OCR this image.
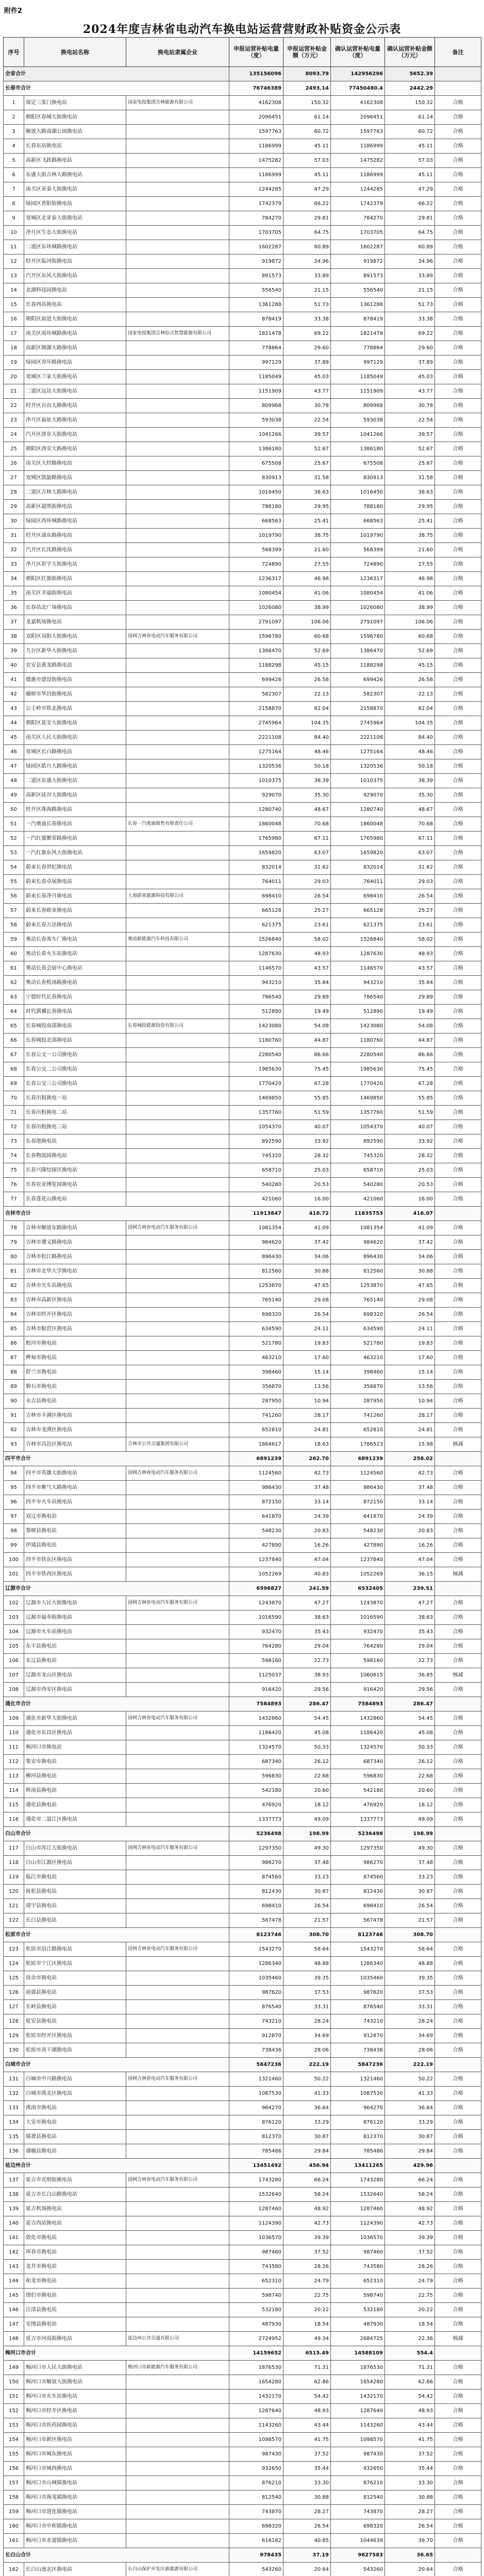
附件2
2024年度吉林省电动汽车换电站运营营财政补贴资金公示表
序号	换电站名称	换电站隶属企业	申报运营补贴电量（度）	申报运营补贴金额（万元）	确认运营补贴电量（度）	确认运营补贴金额（万元）	备注
全省合计			135156096	8093.79	142956296	5652.39	
长春市合计			76746389	2493.14	77450480.4	2442.29	
1	保定三张门换电站	国家电投集团吉林能源有限公司	4162308	150.32	4162308	150.32	合格
2	朝阳区春城大街换电站		2096451	61.14	2096451	61.14	合格
3	解放大路南湖公园换电站		1597763	60.72	1597763	60.72	合格
4	长春东站换电站		1186999	45.11	1186999	45.11	合格
5	高新区飞跃路换电站		1475282	57.03	1475282	57.03	合格
6	东盛大街吉林大路换电站		1186999	45.11	1186999	45.11	合格
7	南关区亚泰大街换电站		1244285	47.29	1244285	47.29	合格
8	绿园区普阳街换电站		1742379	66.22	1742379	66.22	合格
9	宽城区北亚泰大街换电站		784270	29.81	784270	29.81	合格
10	净月区生态大街换电站		1703705	64.75	1703705	64.75	合格
11	二道区东环城路换电站		1602287	60.89	1602287	60.89	合格
12	经开区临河街换电站		919872	34.96	919872	34.96	合格
13	汽开区东风大街换电站		891573	33.89	891573	33.89	合格
14	北湖科技园换电站		556540	21.15	556540	21.15	合格
15	长春西站换电站		1361288	51.73	1361288	51.73	合格
16	朝阳区前进大街换电站		878419	33.38	878419	33.38	合格
17	南关区南环城路换电站	国家电投集团吉林综合智慧能源有限公司	1821478	69.22	1821478	69.22	合格
18	高新区锦湖大路换电站		778864	29.60	778864	29.60	合格
19	绿园区青年路换电站		997129	37.89	997129	37.89	合格
20	宽城区兰家大街换电站		1185049	45.03	1185049	45.03	合格
21	二道区远达大街换电站		1151909	43.77	1151909	43.77	合格
22	经开区自由大路换电站		809968	30.78	809968	30.78	合格
23	净月区福祉大路换电站		593038	22.54	593038	22.54	合格
24	汽开区创业大街换电站		1041266	39.57	1041266	39.57	合格
25	朝阳区西安大路换电站		1386180	52.67	1386180	52.67	合格
26	南关区大经路换电站		675508	25.67	675508	25.67	合格
27	宽城区凯旋路换电站		830913	31.58	830913	31.58	合格
28	二道区吉林大路换电站		1016450	38.63	1016450	38.63	合格
29	高新区超然街换电站		788180	29.95	788180	29.95	合格
30	绿园区西环城路换电站		668563	25.41	668563	25.41	合格
31	经开区浦东路换电站		1019790	38.75	1019790	38.75	合格
32	汽开区长沈路换电站		568399	21.60	568399	21.60	合格
33	净月区彩宇大街换电站		724890	27.55	724890	27.55	合格
34	朝阳区红旗街换电站		1236317	46.98	1236317	46.98	合格
35	南关区幸福街换电站		1080454	41.06	1080454	41.06	合格
36	长春站北广场换电站		1026080	38.99	1026080	38.99	合格
37	龙嘉机场换电站		2791097	106.06	2791097	106.06	合格
38	双阳区双阳大街换电站	国网吉林省电动汽车服务有限公司	1596780	60.68	1596780	60.68	合格
39	九台区新华大街换电站		1386470	52.69	1386470	52.69	合格
40	农安县黄龙路换电站		1188298	45.15	1188298	45.15	合格
41	德惠市建设街换电站		699426	26.58	699426	26.58	合格
42	榆树市华昌街换电站		582307	22.13	582307	22.13	合格
43	公主岭市铁北换电站		2158870	82.04	2158870	82.04	合格
44	朝阳区延安大街换电站		2745964	104.35	2745964	104.35	合格
45	南关区人民大街换电站		2221108	84.40	2221108	84.40	合格
46	宽城区长白路换电站		1275164	48.46	1275164	48.46	合格
47	绿园区皓月大路换电站		1320536	50.18	1320536	50.18	合格
48	二道区东盛大街换电站		1010375	38.39	1010375	38.39	合格
49	高新区硅谷大街换电站		929070	35.30	929070	35.30	合格
50	经开区珠海路换电站		1280740	48.67	1280740	48.67	合格
51	一汽奥迪长春换电站	长春一汽奥迪销售有限责任公司	1860048	70.68	1860048	70.68	合格
52	一汽红旗繁荣路换电站		1765980	67.11	1765980	67.11	合格
53	一汽红旗东风大街换电站		1659820	63.07	1659820	63.07	合格
54	蔚来长春世纪换电站		832014	31.62	832014	31.62	合格
55	蔚来长春卓展换电站		764011	29.03	764011	29.03	合格
56	蔚来长春净月换电站	上海蔚来能源科技有限公司	698410	26.54	698410	26.54	合格
57	蔚来长春欧亚换电站		665128	25.27	665128	25.27	合格
58	蔚来长春万达换电站		621375	23.61	621375	23.61	合格
59	奥动长春客车厂换电站	奥动新能源汽车科技有限公司	1526840	58.02	1526840	58.02	合格
60	奥动长春火车站换电站		1287630	48.93	1287630	48.93	合格
61	奥动长春会展中心换电站		1146570	43.57	1146570	43.57	合格
62	奥动长春机场路换电站		943210	35.84	943210	35.84	合格
63	宁德时代长春换电站		786540	29.89	786540	29.89	合格
64	时代骐骥长春换电站		512890	19.49	512890	19.49	合格
65	长春城投南部换电站	长春城投能源投资有限公司	1423080	54.08	1423080	54.08	合格
66	长春城投北部换电站		1180760	44.87	1180760	44.87	合格
67	长春公交一公司换电站		2280540	86.66	2280540	86.66	合格
68	长春公交二公司换电站		1985630	75.45	1985630	75.45	合格
69	长春公交三公司换电站		1770420	67.28	1770420	67.28	合格
70	长春出租换电一站		1469850	55.85	1469850	55.85	合格
71	长春出租换电二站		1357760	51.59	1357760	51.59	合格
72	长春出租换电三站		1054370	40.07	1054370	40.07	合格
73	长春港换电站		892590	33.92	892590	33.92	合格
74	长春物流园换电站		745320	28.32	745320	28.32	合格
75	长春兴隆综保区换电站		658710	25.03	658710	25.03	合格
76	长春农业博览园换电站		540280	20.53	540280	20.53	合格
77	长春莲花山换电站		421060	16.00	421060	16.00	合格
吉林市合计			11913847	418.72	11835753	416.07	
78	吉林市解放东路换电站	国网吉林省电动汽车服务有限公司	1081354	41.09	1081354	41.09	合格
79	吉林市遵义路换电站		984620	37.42	984620	37.42	合格
80	吉林市松江路换电站		896430	34.06	896430	34.06	合格
81	吉林市北华大学换电站		812560	30.88	812560	30.88	合格
82	吉林市火车站换电站		1253870	47.65	1253870	47.65	合格
83	吉林市高新区换电站		765140	29.08	765140	29.08	合格
84	吉林市经开区换电站		698320	26.54	698320	26.54	合格
85	吉林市船营区换电站		634590	24.11	634590	24.11	合格
86	蛟河市换电站		521780	19.83	521780	19.83	合格
87	桦甸市换电站		463210	17.60	463210	17.60	合格
88	舒兰市换电站		398460	15.14	398460	15.14	合格
89	磐石市换电站		356870	13.56	356870	13.56	合格
90	永吉县换电站		287950	10.94	287950	10.94	合格
91	吉林市丰满区换电站		741260	28.17	741260	28.17	合格
92	吉林市龙潭区换电站		652810	24.81	652810	24.81	合格
93	吉林市昌邑区换电站	吉林市公共交通集团有限公司	1864617	18.63	1786523	15.98	核减
四平市合计			6891239	262.70	6891239	258.02	
94	四平市英雄大街换电站	国网吉林省电动汽车服务有限公司	1124560	42.73	1124560	42.73	合格
95	四平市紫气大路换电站		986430	37.48	986430	37.48	合格
96	四平市火车站换电站		872150	33.14	872150	33.14	合格
97	双辽市换电站		641870	24.39	641870	24.39	合格
98	梨树县换电站		548230	20.83	548230	20.83	合格
99	伊通县换电站		427890	16.26	427890	16.26	合格
100	四平市铁东区换电站		1237840	47.04	1237840	47.04	合格
101	四平市铁西区换电站		1052269	40.83	1052269	36.15	核减
辽源市合计			6596827	241.59	6532405	239.51	
102	辽源市人民大街换电站	国网吉林省电动汽车服务有限公司	1243870	47.27	1243870	47.27	合格
103	辽源市福寿街换电站		1016590	38.63	1016590	38.63	合格
104	辽源市火车站换电站		932470	35.43	932470	35.43	合格
105	东丰县换电站		764280	29.04	764280	29.04	合格
106	东辽县换电站		598160	22.73	598160	22.73	合格
107	辽源市龙山区换电站		1125037	38.93	1060615	36.85	核减
108	辽源市西安区换电站		916420	29.56	916420	29.56	合格
通化市合计			7584893	286.47	7584893	286.47	
109	通化市新华大街换电站	国网吉林省电动汽车服务有限公司	1432860	54.45	1432860	54.45	合格
110	通化市东昌区换电站		1186420	45.08	1186420	45.08	合格
111	梅河口市换电站		1324570	50.33	1324570	50.33	合格
112	集安市换电站		687340	26.12	687340	26.12	合格
113	柳河县换电站		596830	22.68	596830	22.68	合格
114	辉南县换电站		542180	20.60	542180	20.60	合格
115	通化县换电站		476920	18.12	476920	18.12	合格
116	通化市二道江区换电站		1337773	49.09	1337773	49.09	合格
白山市合计			5236498	198.99	5236498	198.99	
117	白山市浑江大街换电站	国网吉林省电动汽车服务有限公司	1297350	49.30	1297350	49.30	合格
118	白山市江源区换电站		986270	37.48	986270	37.48	合格
119	临江市换电站		874560	33.23	874560	33.23	合格
120	抚松县换电站		812430	30.87	812430	30.87	合格
121	靖宇县换电站		698410	26.54	698410	26.54	合格
122	长白县换电站		567478	21.57	567478	21.57	合格
松原市合计			8123746	308.70	8123746	308.70	
123	松原市沿江路换电站	国网吉林省电动汽车服务有限公司	1543270	58.64	1543270	58.64	合格
124	松原市宁江区换电站		1286340	48.88	1286340	48.88	合格
125	扶余市换电站		1035460	39.35	1035460	39.35	合格
126	前郭县换电站		987620	37.53	987620	37.53	合格
127	长岭县换电站		876540	33.31	876540	33.31	合格
128	乾安县换电站		743210	28.24	743210	28.24	合格
129	松原市经开区换电站		912870	34.69	912870	34.69	合格
130	松原市查干湖换电站		738436	28.06	738436	28.06	合格
白城市合计			5847236	222.19	5847236	222.19	
131	白城市中兴路换电站	国网吉林省电动汽车服务有限公司	1321460	50.22	1321460	50.22	合格
132	白城市洮北区换电站		1087530	41.33	1087530	41.33	合格
133	洮南市换电站		964270	36.64	964270	36.64	合格
134	大安市换电站		876120	33.29	876120	33.29	合格
135	镇赉县换电站		812370	30.87	812370	30.87	合格
136	通榆县换电站		785486	29.84	785486	29.84	合格
延边州合计			13451492	456.94	13411265	429.96	
137	延吉市光明街换电站	国网吉林省电动汽车服务有限公司	1743280	66.24	1743280	66.24	合格
138	延吉市长白山路换电站		1532640	58.24	1532640	58.24	合格
139	延吉机场换电站		1287460	48.92	1287460	48.92	合格
140	延吉西站换电站		1124390	42.73	1124390	42.73	合格
141	敦化市换电站		1036570	39.39	1036570	39.39	合格
142	珲春市换电站		987460	37.52	987460	37.52	合格
143	龙井市换电站		743580	28.26	743580	28.26	合格
144	和龙市换电站		652310	24.79	652310	24.79	合格
145	图们市换电站		598740	22.75	598740	22.75	合格
146	汪清县换电站		532180	20.22	532180	20.22	合格
147	安图县换电站		487930	18.54	487930	18.54	合格
148	延吉市河南街换电站	延边州公共交通有限公司	2724952	49.34	2684725	22.36	核减
梅河口市合计			14159652	6515.49	14588109	554.4	
149	梅河口市人民大街换电站	梅河口市新能源汽车服务有限公司	1876530	71.31	1876530	71.31	合格
150	梅河口市解放大街换电站		1654280	62.86	1654280	62.86	合格
151	梅河口市火车站换电站		1432170	54.42	1432170	54.42	合格
152	梅河口市经开区换电站		1287640	48.93	1287640	48.93	合格
153	梅河口市医药园换电站		1143260	43.44	1143260	43.44	合格
154	梅河口市新区换电站		1098570	41.75	1098570	41.75	合格
155	梅河口市城东换电站		987430	37.52	987430	37.52	合格
156	梅河口市城西换电站		932650	35.44	932650	35.44	合格
157	梅河口市山城镇换电站		876210	33.30	876210	33.30	合格
158	梅河口市海龙镇换电站		812540	30.88	812540	30.88	合格
159	梅河口市进化镇换电站		743870	28.27	743870	28.27	合格
160	梅河口市中和镇换电站		698320	26.54	698320	26.54	合格
161	梅河口市水道镇换电站		616182	40.85	1044639	39.70	合格
长白山合计			978435	37.19	9627583	36.65	
162	长白山池北区换电站	长白山保护开发区新能源有限公司	543260	20.64	543260	20.64	合格
